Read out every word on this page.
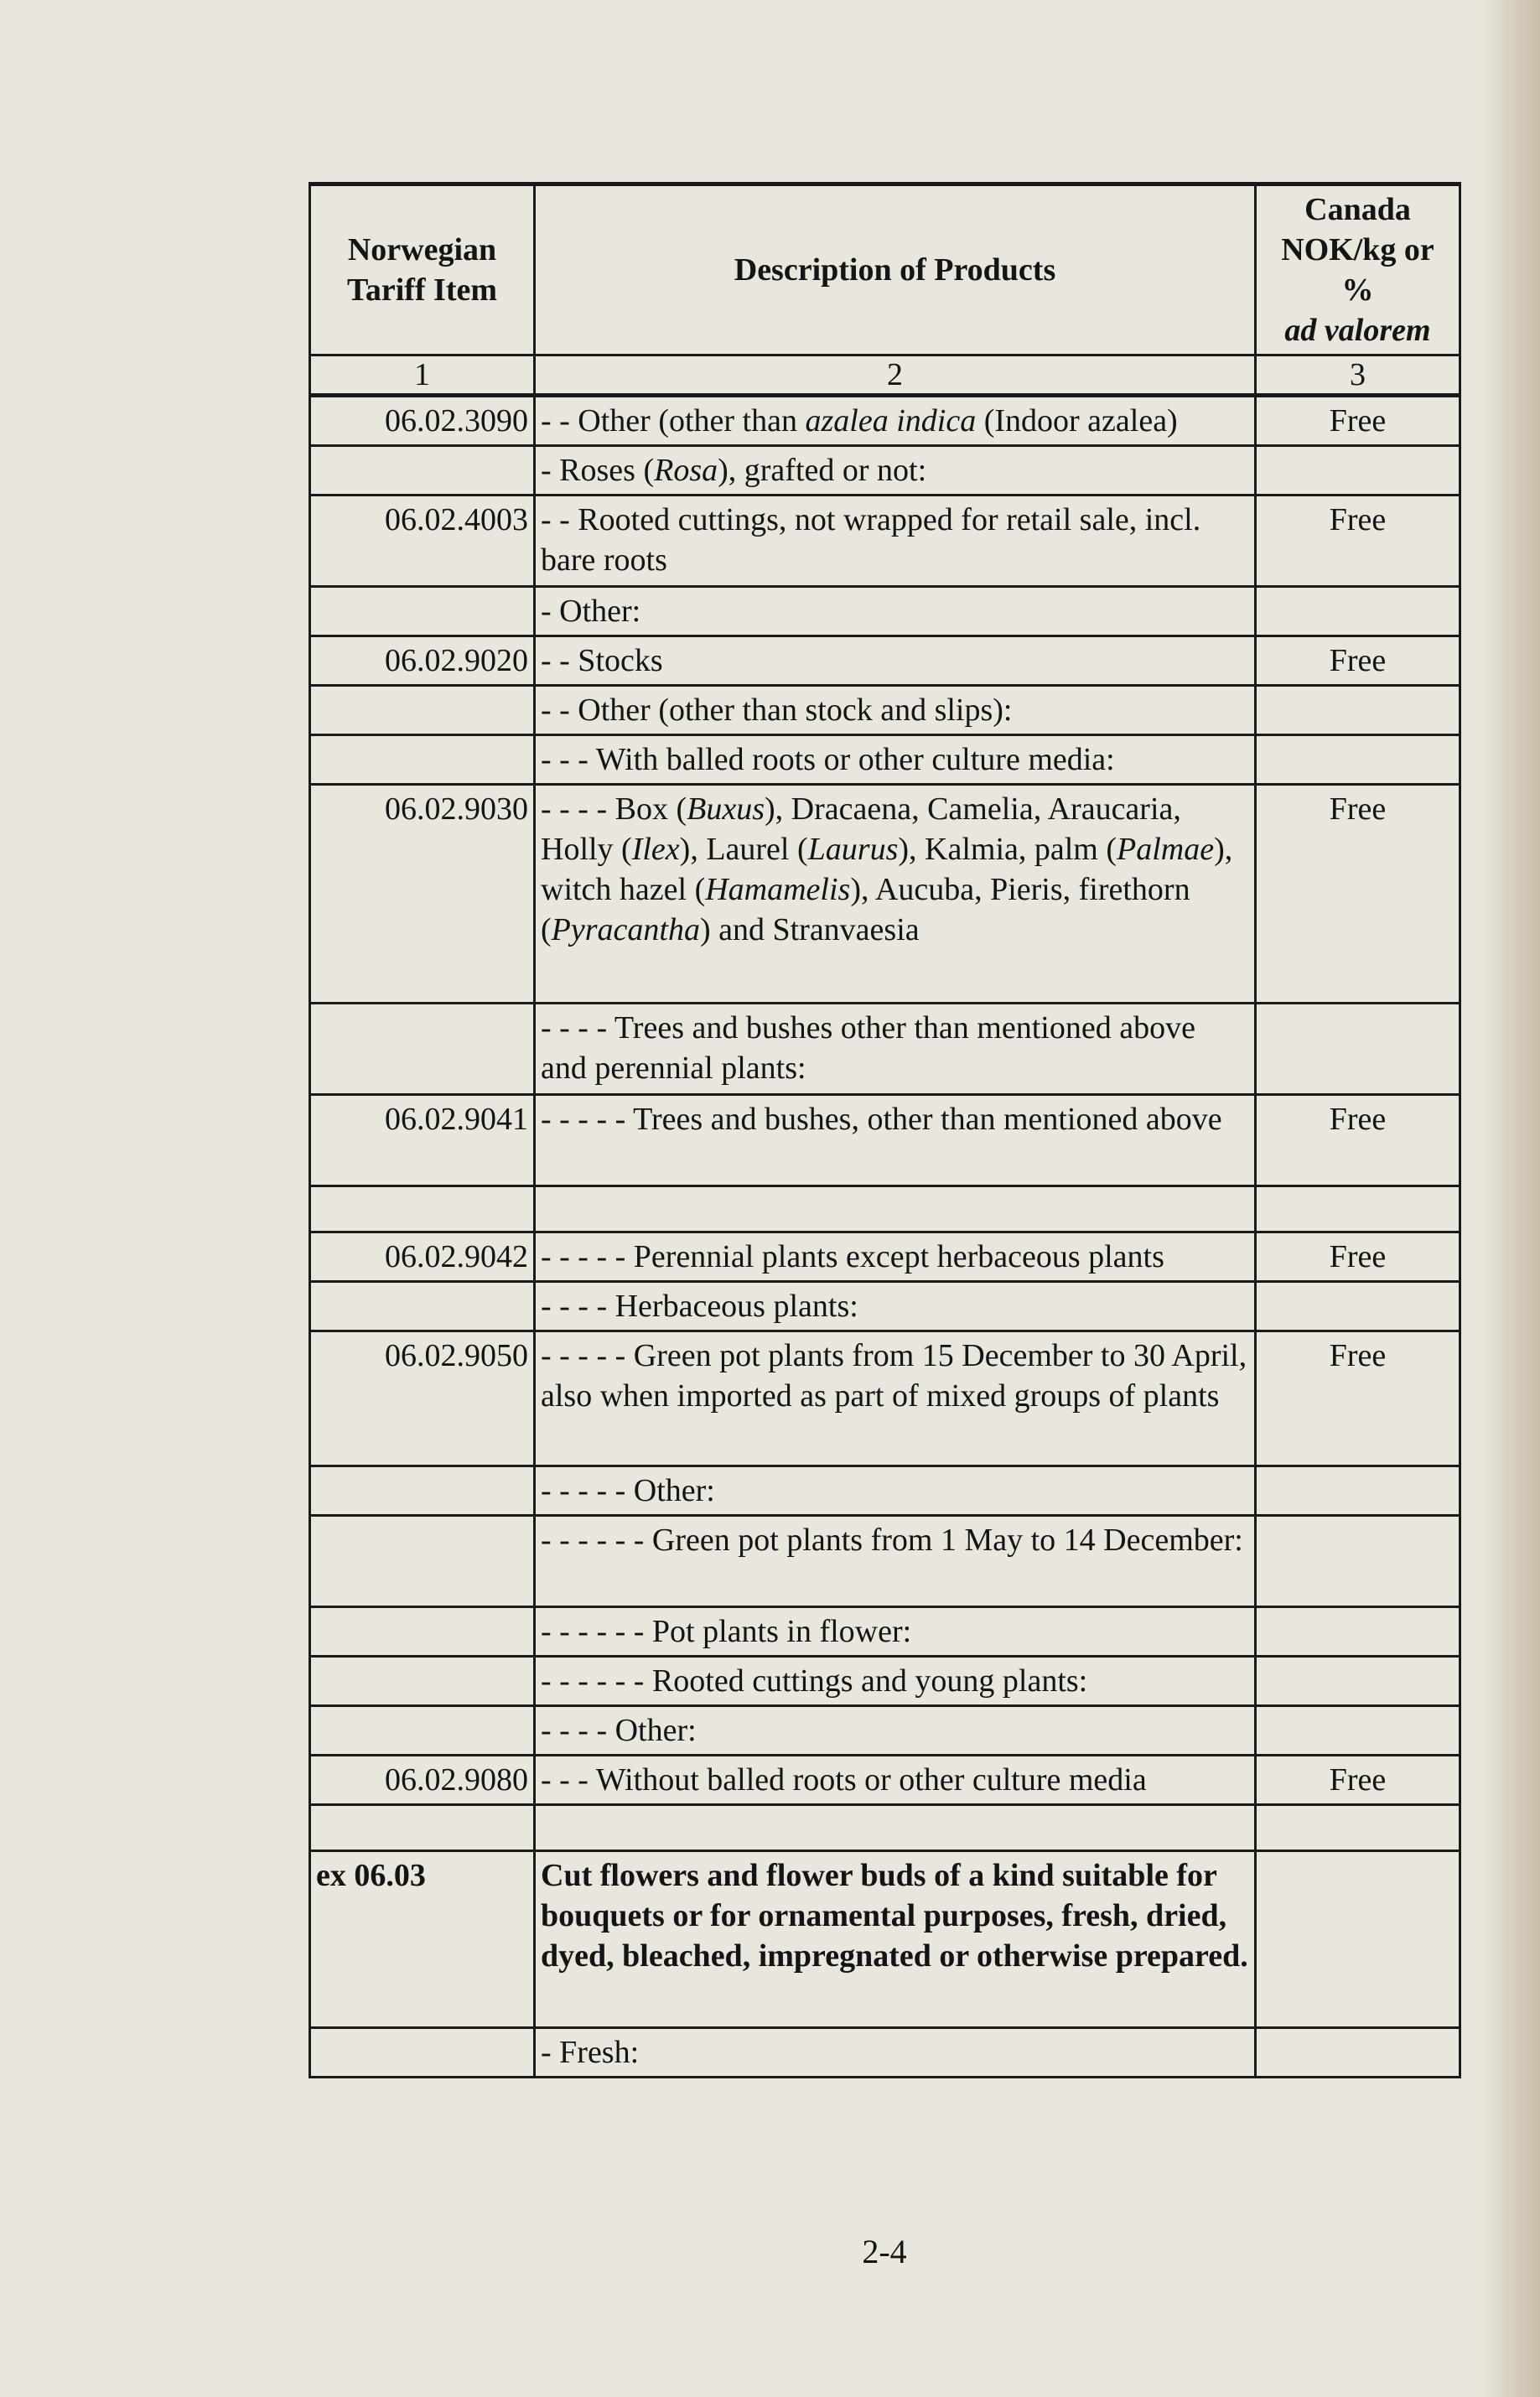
Norwegian Tariff Item	Description of Products	Canada
NOK/kg or
%
ad valorem

1	2	3
06.02.3090	- - Other (other than azalea indica (Indoor azalea)	Free
	- Roses (Rosa), grafted or not:	
06.02.4003	- - Rooted cuttings, not wrapped for retail sale, incl. bare roots	Free
	- Other:	
06.02.9020	- - Stocks	Free
	- - Other (other than stock and slips):	
	- - - With balled roots or other culture media:	
06.02.9030	- - - - Box (Buxus), Dracaena, Camelia, Araucaria, Holly (Ilex), Laurel (Laurus), Kalmia, palm (Palmae), witch hazel (Hamamelis), Aucuba, Pieris, firethorn (Pyracantha) and Stranvaesia	Free
	- - - - Trees and bushes other than mentioned above and perennial plants:	
06.02.9041	- - - - - Trees and bushes, other than mentioned above	Free

06.02.9042	- - - - - Perennial plants except herbaceous plants	Free
	- - - - Herbaceous plants:	
06.02.9050	- - - - - Green pot plants from 15 December to 30 April, also when imported as part of mixed groups of plants	Free
	- - - - - Other:	
	- - - - - - Green pot plants from 1 May to 14 December:	
	- - - - - - Pot plants in flower:	
	- - - - - - Rooted cuttings and young plants:	
	- - - - Other:	
06.02.9080	- - - Without balled roots or other culture media	Free

ex 06.03	Cut flowers and flower buds of a kind suitable for bouquets or for ornamental purposes, fresh, dried, dyed, bleached, impregnated or otherwise prepared.	
	- Fresh:	
2-4
